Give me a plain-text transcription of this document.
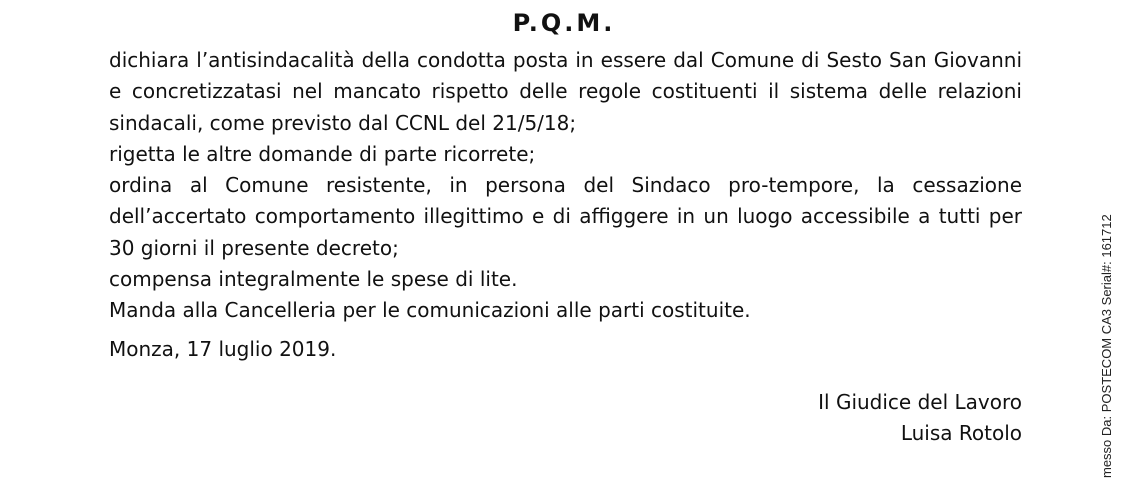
P.Q.M.

dichiara l’antisindacalità della condotta posta in essere dal Comune di Sesto San Giovanni e concretizzatasi nel mancato rispetto delle regole costituenti il sistema delle relazioni sindacali, come previsto dal CCNL del 21/5/18;

rigetta le altre domande di parte ricorrete;

ordina al Comune resistente, in persona del Sindaco pro-tempore, la cessazione dell’accertato comportamento illegittimo e di affiggere in un luogo accessibile a tutti per 30 giorni il presente decreto;

compensa integralmente le spese di lite.

Manda alla Cancelleria per le comunicazioni alle parti costituite.

Monza, 17 luglio 2019.

Il Giudice del Lavoro
Luisa Rotolo	messo Da: POSTECOM CA3 Serial#: 161712
